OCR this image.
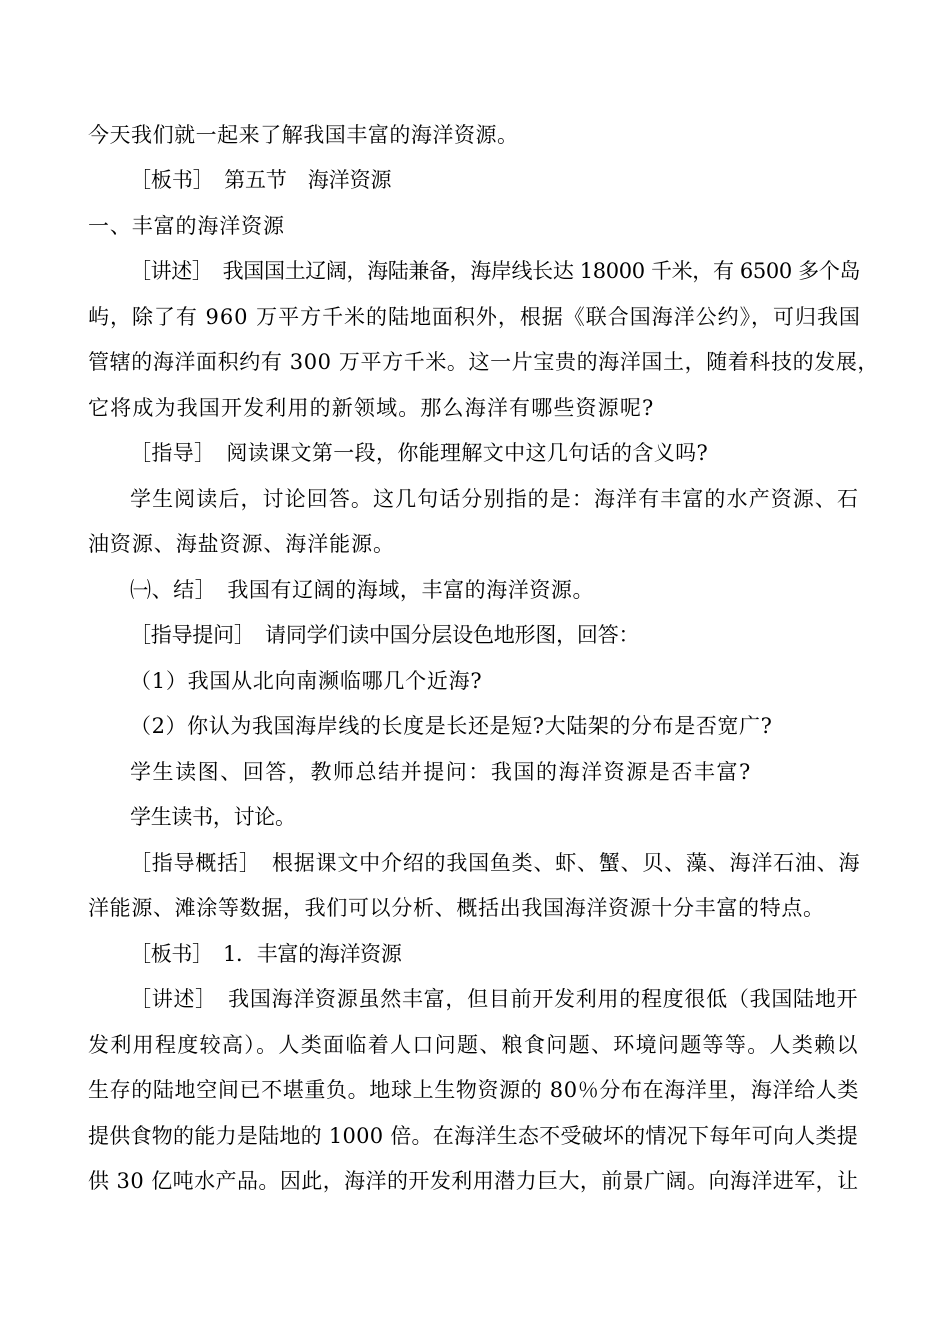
今天我们就一起来了解我国丰富的海洋资源。
［板书］　第五节　海洋资源
一、丰富的海洋资源
［讲述］　我国国土辽阔，海陆兼备，海岸线长达 18000 千米，有 6500 多个岛
屿，除了有 960 万平方千米的陆地面积外，根据《联合国海洋公约》，可归我国
管辖的海洋面积约有 300 万平方千米。这一片宝贵的海洋国土，随着科技的发展，
它将成为我国开发利用的新领域。那么海洋有哪些资源呢?
［指导］　阅读课文第一段，你能理解文中这几句话的含义吗?
学生阅读后，讨论回答。这几句话分别指的是：海洋有丰富的水产资源、石
油资源、海盐资源、海洋能源。
㈠、结］　我国有辽阔的海域，丰富的海洋资源。
［指导提问］　请同学们读中国分层设色地形图，回答：
（1）我国从北向南濒临哪几个近海?
（2）你认为我国海岸线的长度是长还是短?大陆架的分布是否宽广?
学生读图、回答，教师总结并提问：我国的海洋资源是否丰富?
学生读书，讨论。
［指导概括］　根据课文中介绍的我国鱼类、虾、蟹、贝、藻、海洋石油、海
洋能源、滩涂等数据，我们可以分析、概括出我国海洋资源十分丰富的特点。
［板书］　1．丰富的海洋资源
［讲述］　我国海洋资源虽然丰富，但目前开发利用的程度很低（我国陆地开
发利用程度较高）。人类面临着人口问题、粮食问题、环境问题等等。人类赖以
生存的陆地空间已不堪重负。地球上生物资源的 80％分布在海洋里，海洋给人类
提供食物的能力是陆地的 1000 倍。在海洋生态不受破坏的情况下每年可向人类提
供 30 亿吨水产品。因此，海洋的开发利用潜力巨大，前景广阔。向海洋进军，让
